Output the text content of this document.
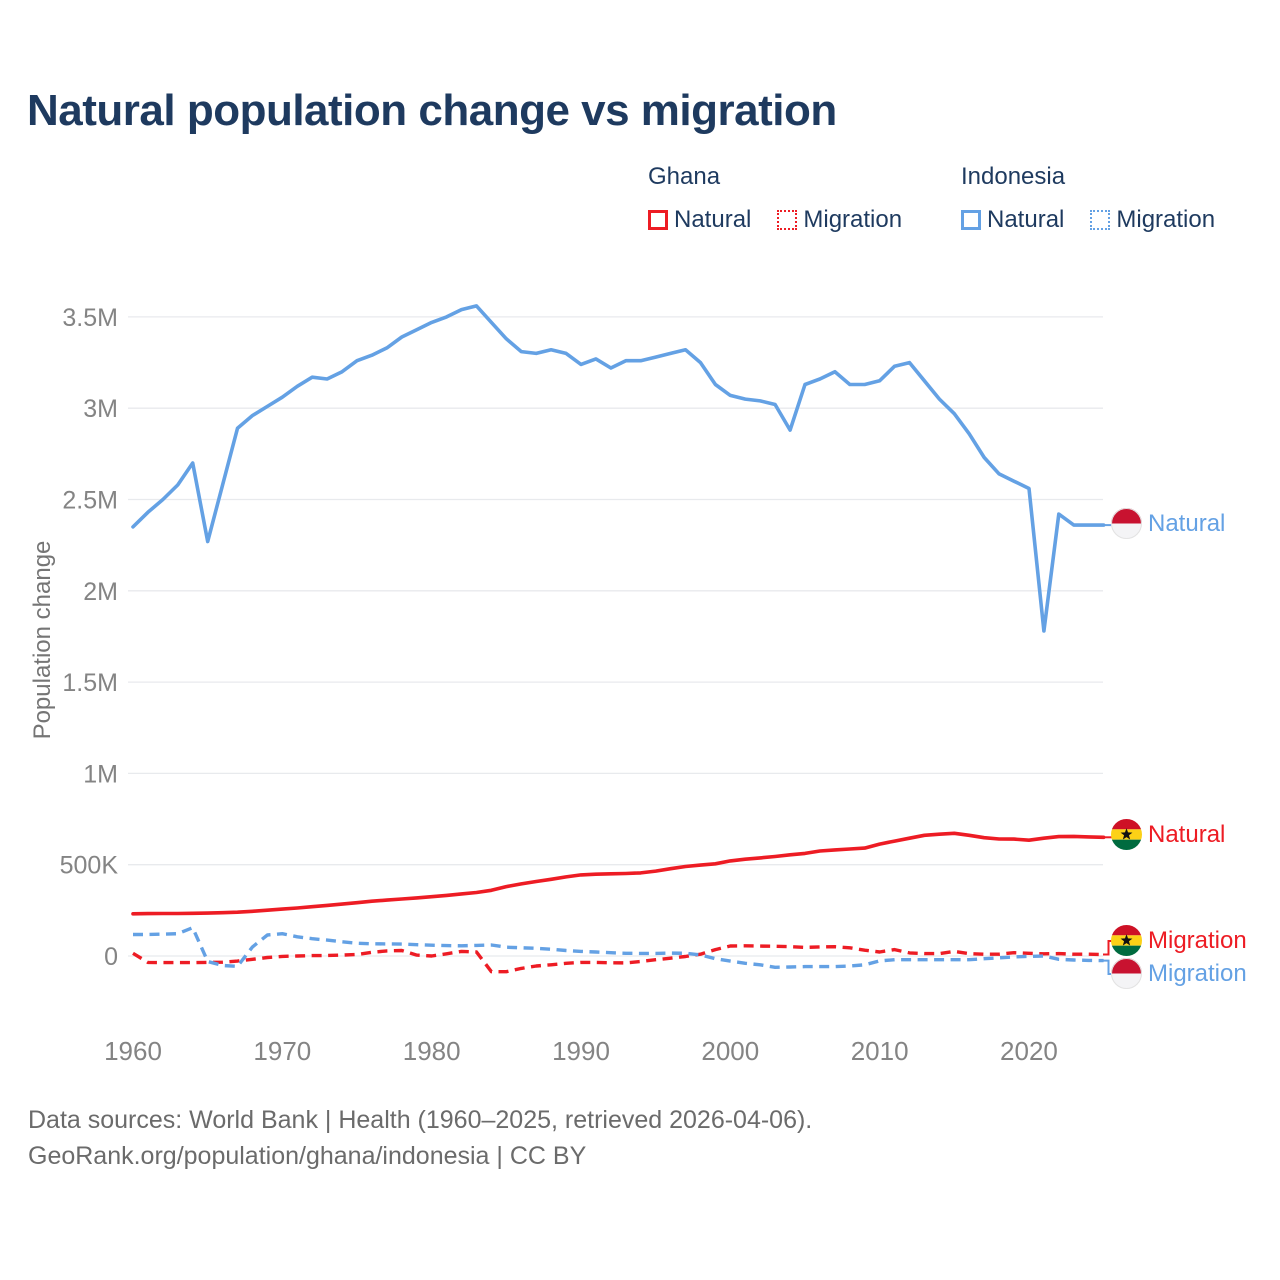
Natural population change vs migration
Ghana
Natural Migration
Indonesia
Natural Migration
Population change
0
500K
1M
1.5M
2M
2.5M
3M
3.5M
1960	1970	1980	1990	2000	2010	2020
Natural
Natural
Migration
Migration
Data sources: World Bank | Health (1960–2025, retrieved 2026-04-06).
GeoRank.org/population/ghana/indonesia | CC BY
